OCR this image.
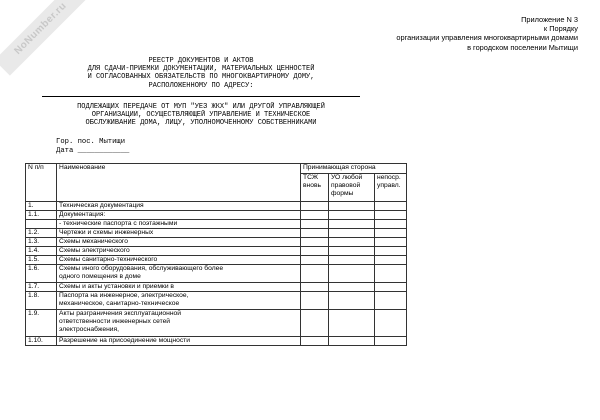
NoNumber.ru	Приложение N 3
к Порядку
организации управления многоквартирными домами
в городском поселении Мытищи
РЕЕСТР ДОКУМЕНТОВ И АКТОВ
ДЛЯ СДАЧИ-ПРИЕМКИ ДОКУМЕНТАЦИИ, МАТЕРИАЛЬНЫХ ЦЕННОСТЕЙ
И СОГЛАСОВАННЫХ ОБЯЗАТЕЛЬСТВ ПО МНОГОКВАРТИРНОМУ ДОМУ,
РАСПОЛОЖЕННОМУ ПО АДРЕСУ:
ПОДЛЕЖАЩИХ ПЕРЕДАЧЕ ОТ МУП "УЕЗ ЖКХ" ИЛИ ДРУГОЙ УПРАВЛЯЮЩЕЙ
ОРГАНИЗАЦИИ, ОСУЩЕСТВЛЯЮЩЕЙ УПРАВЛЕНИЕ И ТЕХНИЧЕСКОЕ
ОБСЛУЖИВАНИЕ ДОМА, ЛИЦУ, УПОЛНОМОЧЕННОМУ СОБСТВЕННИКАМИ
Гор. пос. Мытищи
Дата ____________
N п/п	Наименование	Принимающая сторона		
		ТСЖ вновь	УО любой правовой формы	непоср. управл.
1.	Техническая документация			
1.1.	Документация:			
	- технические паспорта с поэтажными			
1.2.	Чертежи и схемы инженерных			
1.3.	Схемы механического			
1.4.	Схемы электрического			
1.5.	Схемы санитарно-технического			
1.6.	Схемы иного оборудования, обслуживающего более одного помещения в доме			
1.7.	Схемы и акты установки и приемки в			
1.8.	Паспорта на инженерное, электрическое, механическое, санитарно-техническое			
1.9.	Акты разграничения эксплуатационной ответственности инженерных сетей электроснабжения,			
1.10.	Разрешение на присоединение мощности			
